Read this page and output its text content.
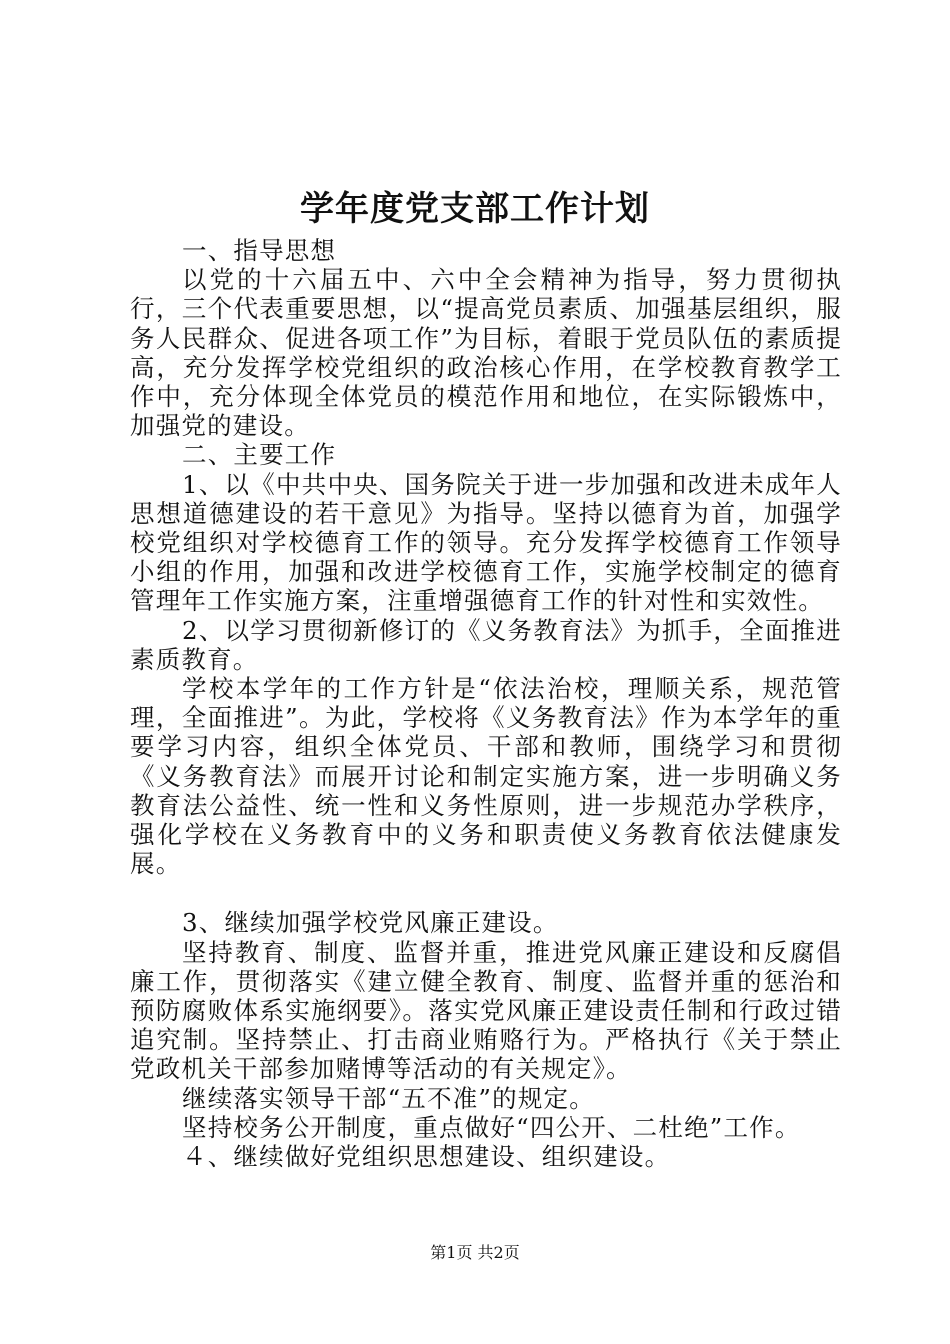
学年度党支部工作计划

一、指导思想

以党的十六届五中、六中全会精神为指导，努力贯彻执行，三个代表重要思想，以“提高党员素质、加强基层组织，服务人民群众、促进各项工作”为目标，着眼于党员队伍的素质提高，充分发挥学校党组织的政治核心作用，在学校教育教学工作中，充分体现全体党员的模范作用和地位，在实际锻炼中，加强党的建设。

二、主要工作

1、以《中共中央、国务院关于进一步加强和改进未成年人思想道德建设的若干意见》为指导。坚持以德育为首，加强学校党组织对学校德育工作的领导。充分发挥学校德育工作领导小组的作用，加强和改进学校德育工作，实施学校制定的德育管理年工作实施方案，注重增强德育工作的针对性和实效性。

2、以学习贯彻新修订的《义务教育法》为抓手，全面推进素质教育。

学校本学年的工作方针是“依法治校，理顺关系，规范管理，全面推进”。为此，学校将《义务教育法》作为本学年的重要学习内容，组织全体党员、干部和教师，围绕学习和贯彻《义务教育法》而展开讨论和制定实施方案，进一步明确义务教育法公益性、统一性和义务性原则，进一步规范办学秩序，强化学校在义务教育中的义务和职责使义务教育依法健康发展。

3、继续加强学校党风廉正建设。

坚持教育、制度、监督并重，推进党风廉正建设和反腐倡廉工作，贯彻落实《建立健全教育、制度、监督并重的惩治和预防腐败体系实施纲要》。落实党风廉正建设责任制和行政过错追究制。坚持禁止、打击商业贿赂行为。严格执行《关于禁止党政机关干部参加赌博等活动的有关规定》。

继续落实领导干部“五不准”的规定。

坚持校务公开制度，重点做好“四公开、二杜绝”工作。

４、继续做好党组织思想建设、组织建设。

第1页 共2页
